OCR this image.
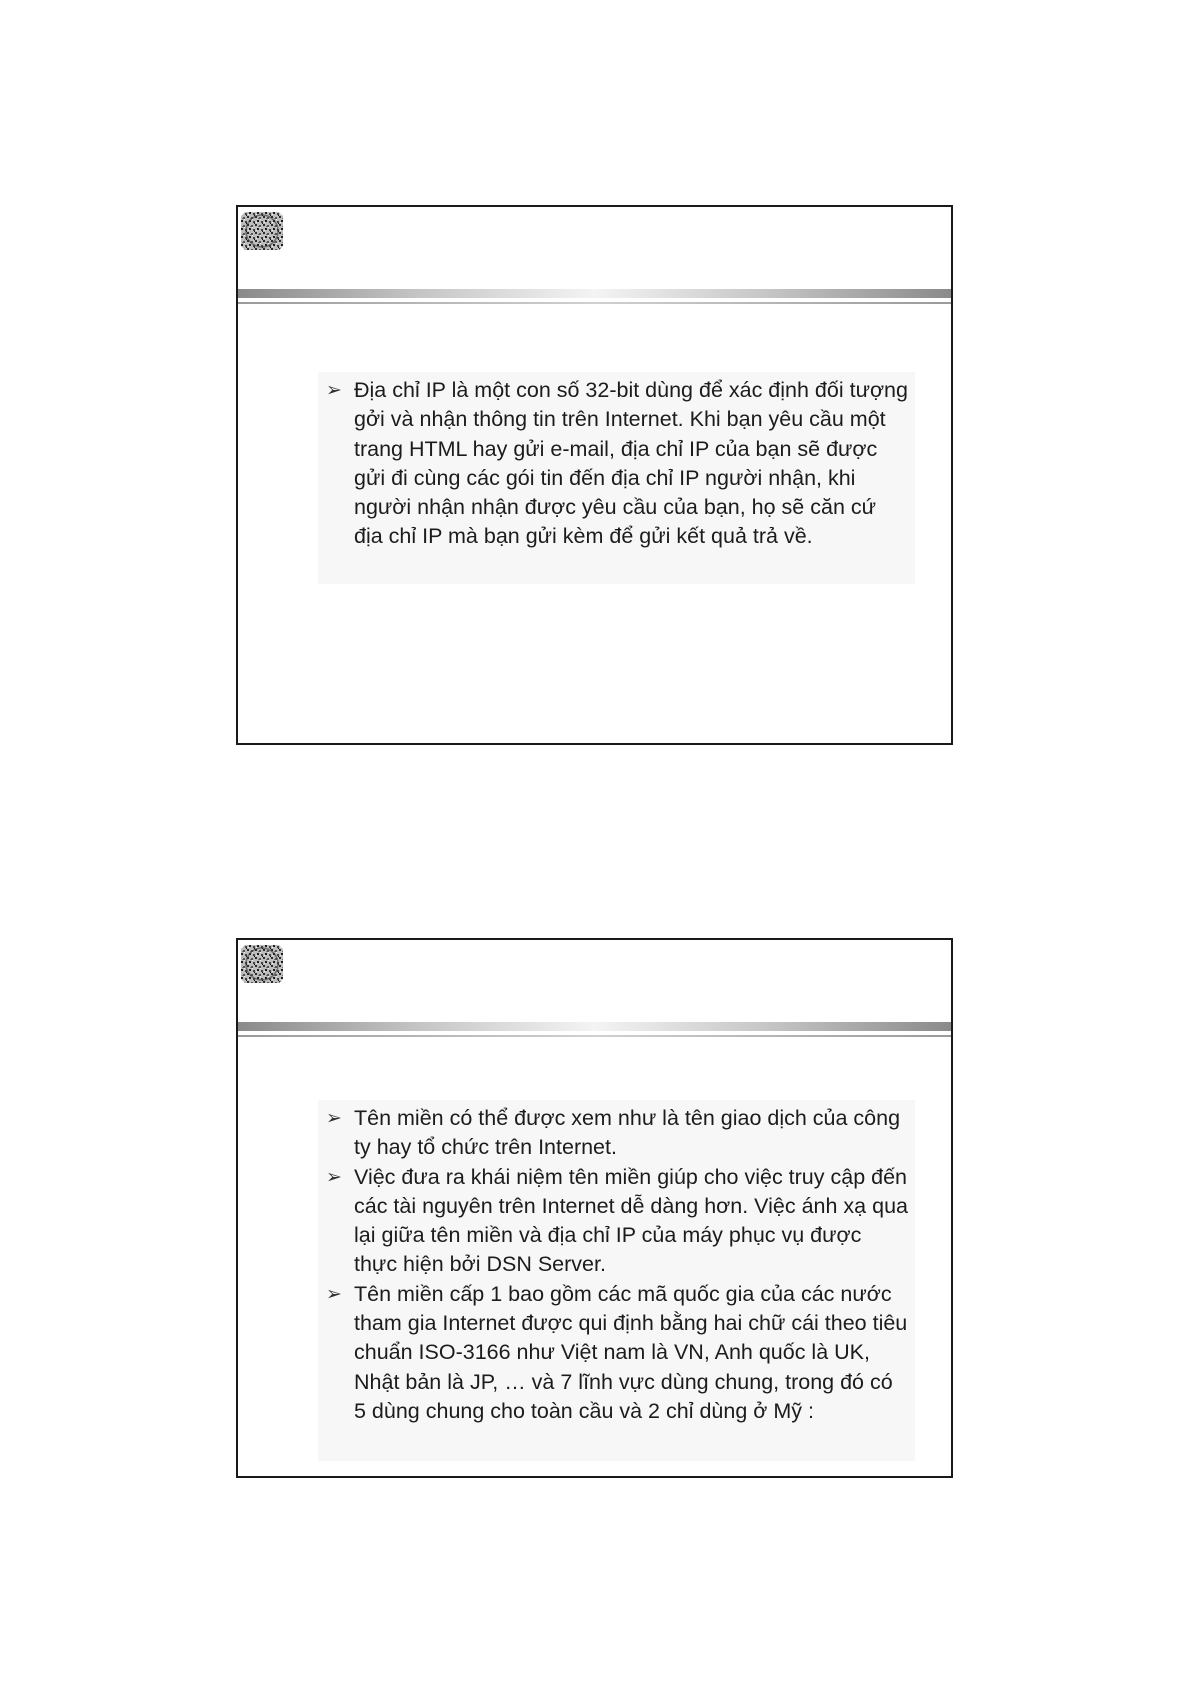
➢ Địa chỉ IP là một con số 32-bit dùng để xác định đối tượng gởi và nhận thông tin trên Internet. Khi bạn yêu cầu một trang HTML hay gửi e-mail, địa chỉ IP của bạn sẽ được gửi đi cùng các gói tin đến địa chỉ IP người nhận, khi người nhận nhận được yêu cầu của bạn, họ sẽ căn cứ địa chỉ IP mà bạn gửi kèm để gửi kết quả trả về.

➢ Tên miền có thể được xem như là tên giao dịch của công ty hay tổ chức trên Internet.

➢ Việc đưa ra khái niệm tên miền giúp cho việc truy cập đến các tài nguyên trên Internet dễ dàng hơn. Việc ánh xạ qua lại giữa tên miền và địa chỉ IP của máy phục vụ được thực hiện bởi DSN Server.

➢ Tên miền cấp 1 bao gồm các mã quốc gia của các nước tham gia Internet được qui định bằng hai chữ cái theo tiêu chuẩn ISO-3166 như Việt nam là VN, Anh quốc là UK, Nhật bản là JP, … và 7 lĩnh vực dùng chung, trong đó có 5 dùng chung cho toàn cầu và 2 chỉ dùng ở Mỹ :
